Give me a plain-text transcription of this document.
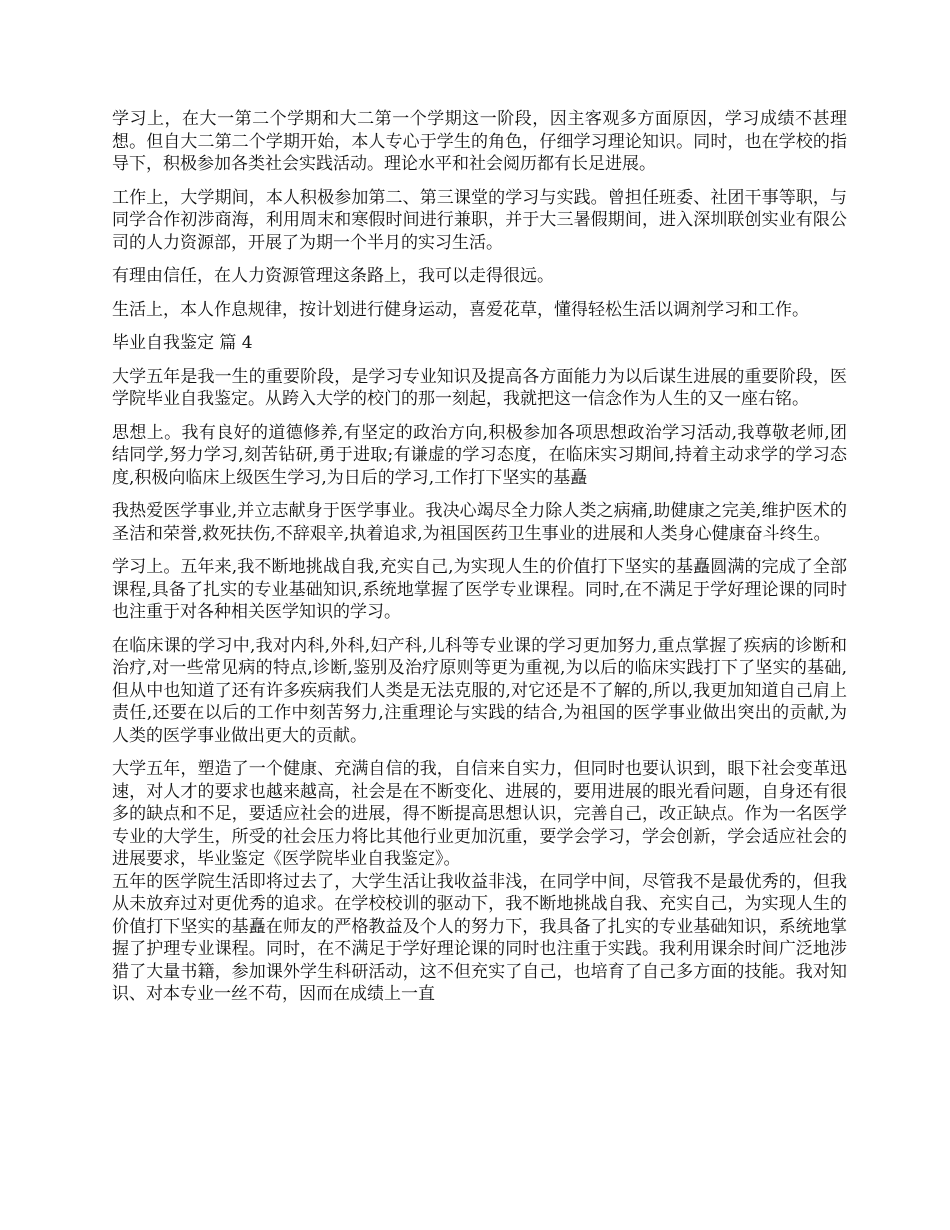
学习上，在大一第二个学期和大二第一个学期这一阶段，因主客观多方面原因，学习成绩不甚理想。但自大二第二个学期开始，本人专心于学生的角色，仔细学习理论知识。同时，也在学校的指导下，积极参加各类社会实践活动。理论水平和社会阅历都有长足进展。

工作上，大学期间，本人积极参加第二、第三课堂的学习与实践。曾担任班委、社团干事等职，与同学合作初涉商海，利用周末和寒假时间进行兼职，并于大三暑假期间，进入深圳联创实业有限公司的人力资源部，开展了为期一个半月的实习生活。

有理由信任，在人力资源管理这条路上，我可以走得很远。

生活上，本人作息规律，按计划进行健身运动，喜爱花草，懂得轻松生活以调剂学习和工作。

毕业自我鉴定 篇 4

大学五年是我一生的重要阶段，是学习专业知识及提高各方面能力为以后谋生进展的重要阶段，医学院毕业自我鉴定。从跨入大学的校门的那一刻起，我就把这一信念作为人生的又一座右铭。

思想上。我有良好的道德修养,有坚定的政治方向,积极参加各项思想政治学习活动,我尊敬老师,团结同学,努力学习,刻苦钻研,勇于进取;有谦虚的学习态度，在临床实习期间,持着主动求学的学习态度,积极向临床上级医生学习,为日后的学习,工作打下坚实的基矗

我热爱医学事业,并立志献身于医学事业。我决心竭尽全力除人类之病痛,助健康之完美,维护医术的圣洁和荣誉,救死扶伤,不辞艰辛,执着追求,为祖国医药卫生事业的进展和人类身心健康奋斗终生。

学习上。五年来,我不断地挑战自我,充实自己,为实现人生的价值打下坚实的基矗圆满的完成了全部课程,具备了扎实的专业基础知识,系统地掌握了医学专业课程。同时,在不满足于学好理论课的同时也注重于对各种相关医学知识的学习。

在临床课的学习中,我对内科,外科,妇产科,儿科等专业课的学习更加努力,重点掌握了疾病的诊断和治疗,对一些常见病的特点,诊断,鉴别及治疗原则等更为重视,为以后的临床实践打下了坚实的基础,但从中也知道了还有许多疾病我们人类是无法克服的,对它还是不了解的,所以,我更加知道自己肩上责任,还要在以后的工作中刻苦努力,注重理论与实践的结合,为祖国的医学事业做出突出的贡献,为人类的医学事业做出更大的贡献。

大学五年，塑造了一个健康、充满自信的我，自信来自实力，但同时也要认识到，眼下社会变革迅速，对人才的要求也越来越高，社会是在不断变化、进展的，要用进展的眼光看问题，自身还有很多的缺点和不足，要适应社会的进展，得不断提高思想认识，完善自己，改正缺点。作为一名医学专业的大学生，所受的社会压力将比其他行业更加沉重，要学会学习，学会创新，学会适应社会的进展要求，毕业鉴定《医学院毕业自我鉴定》。

五年的医学院生活即将过去了，大学生活让我收益非浅，在同学中间，尽管我不是最优秀的，但我从未放弃过对更优秀的追求。在学校校训的驱动下，我不断地挑战自我、充实自己，为实现人生的价值打下坚实的基矗在师友的严格教益及个人的努力下，我具备了扎实的专业基础知识，系统地掌握了护理专业课程。同时，在不满足于学好理论课的同时也注重于实践。我利用课余时间广泛地涉猎了大量书籍，参加课外学生科研活动，这不但充实了自己，也培育了自己多方面的技能。我对知识、对本专业一丝不苟，因而在成绩上一直
